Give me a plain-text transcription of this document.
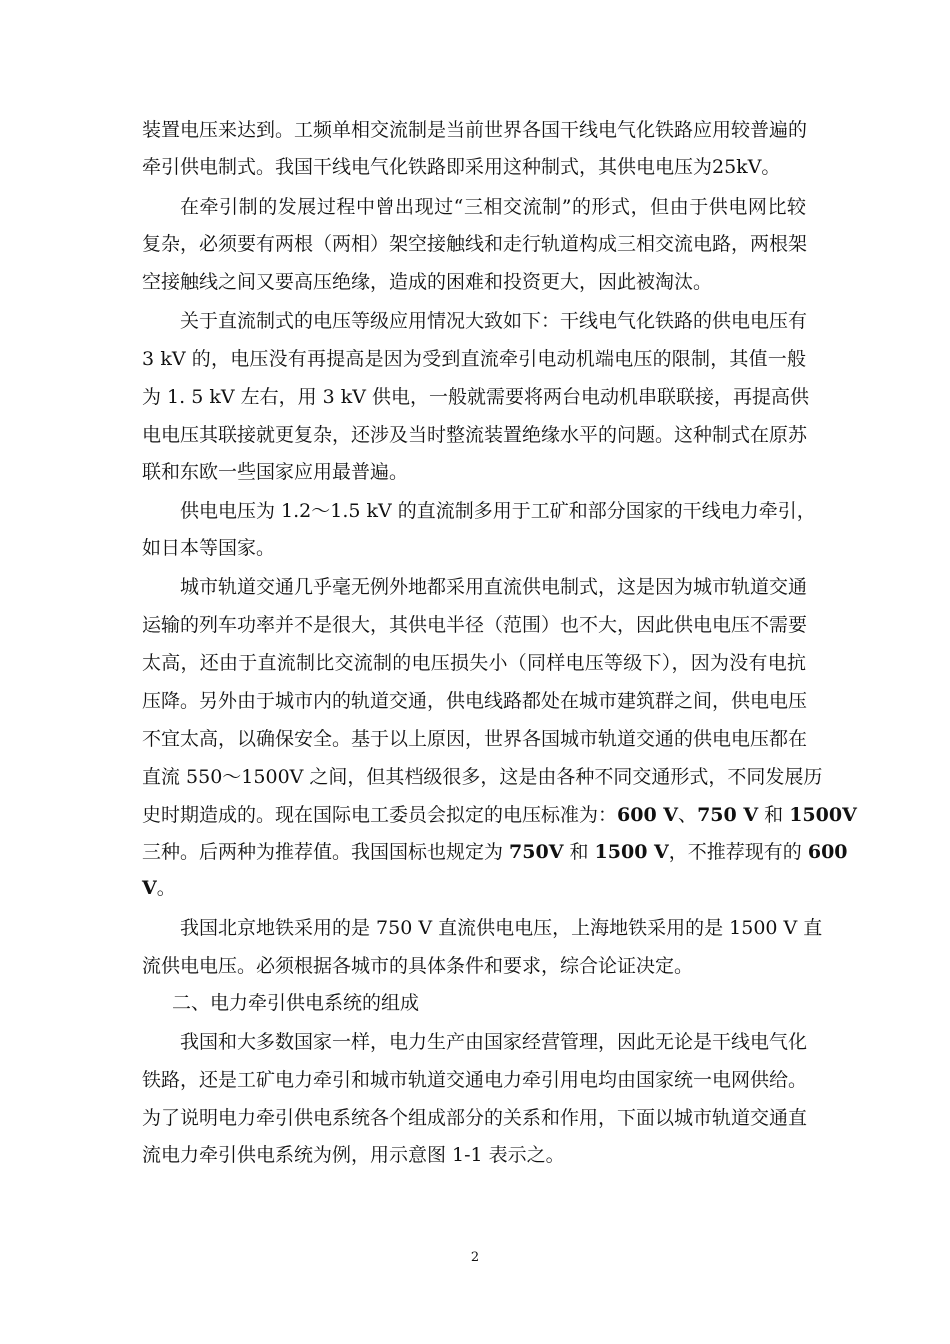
装置电压来达到。工频单相交流制是当前世界各国干线电气化铁路应用较普遍的
牵引供电制式。我国干线电气化铁路即采用这种制式，其供电电压为25kV。
在牵引制的发展过程中曾出现过“三相交流制”的形式，但由于供电网比较
复杂，必须要有两根（两相）架空接触线和走行轨道构成三相交流电路，两根架
空接触线之间又要高压绝缘，造成的困难和投资更大，因此被淘汰。
关于直流制式的电压等级应用情况大致如下：干线电气化铁路的供电电压有
3 kV 的，电压没有再提高是因为受到直流牵引电动机端电压的限制，其值一般
为 1. 5 kV 左右，用 3 kV 供电，一般就需要将两台电动机串联联接，再提高供
电电压其联接就更复杂，还涉及当时整流装置绝缘水平的问题。这种制式在原苏
联和东欧一些国家应用最普遍。
供电电压为 1.2～1.5 kV 的直流制多用于工矿和部分国家的干线电力牵引，
如日本等国家。
城市轨道交通几乎毫无例外地都采用直流供电制式，这是因为城市轨道交通
运输的列车功率并不是很大，其供电半径（范围）也不大，因此供电电压不需要
太高，还由于直流制比交流制的电压损失小（同样电压等级下），因为没有电抗
压降。另外由于城市内的轨道交通，供电线路都处在城市建筑群之间，供电电压
不宜太高，以确保安全。基于以上原因，世界各国城市轨道交通的供电电压都在
直流 550～1500V 之间，但其档级很多，这是由各种不同交通形式，不同发展历
史时期造成的。现在国际电工委员会拟定的电压标准为：600 V、750 V 和 1500V
三种。后两种为推荐值。我国国标也规定为 750V 和 1500 V，不推荐现有的 600
V。
我国北京地铁采用的是 750 V 直流供电电压，上海地铁采用的是 1500 V 直
流供电电压。必须根据各城市的具体条件和要求，综合论证决定。
二、电力牵引供电系统的组成
我国和大多数国家一样，电力生产由国家经营管理，因此无论是干线电气化
铁路，还是工矿电力牵引和城市轨道交通电力牵引用电均由国家统一电网供给。
为了说明电力牵引供电系统各个组成部分的关系和作用，下面以城市轨道交通直
流电力牵引供电系统为例，用示意图 1-1 表示之。
2
